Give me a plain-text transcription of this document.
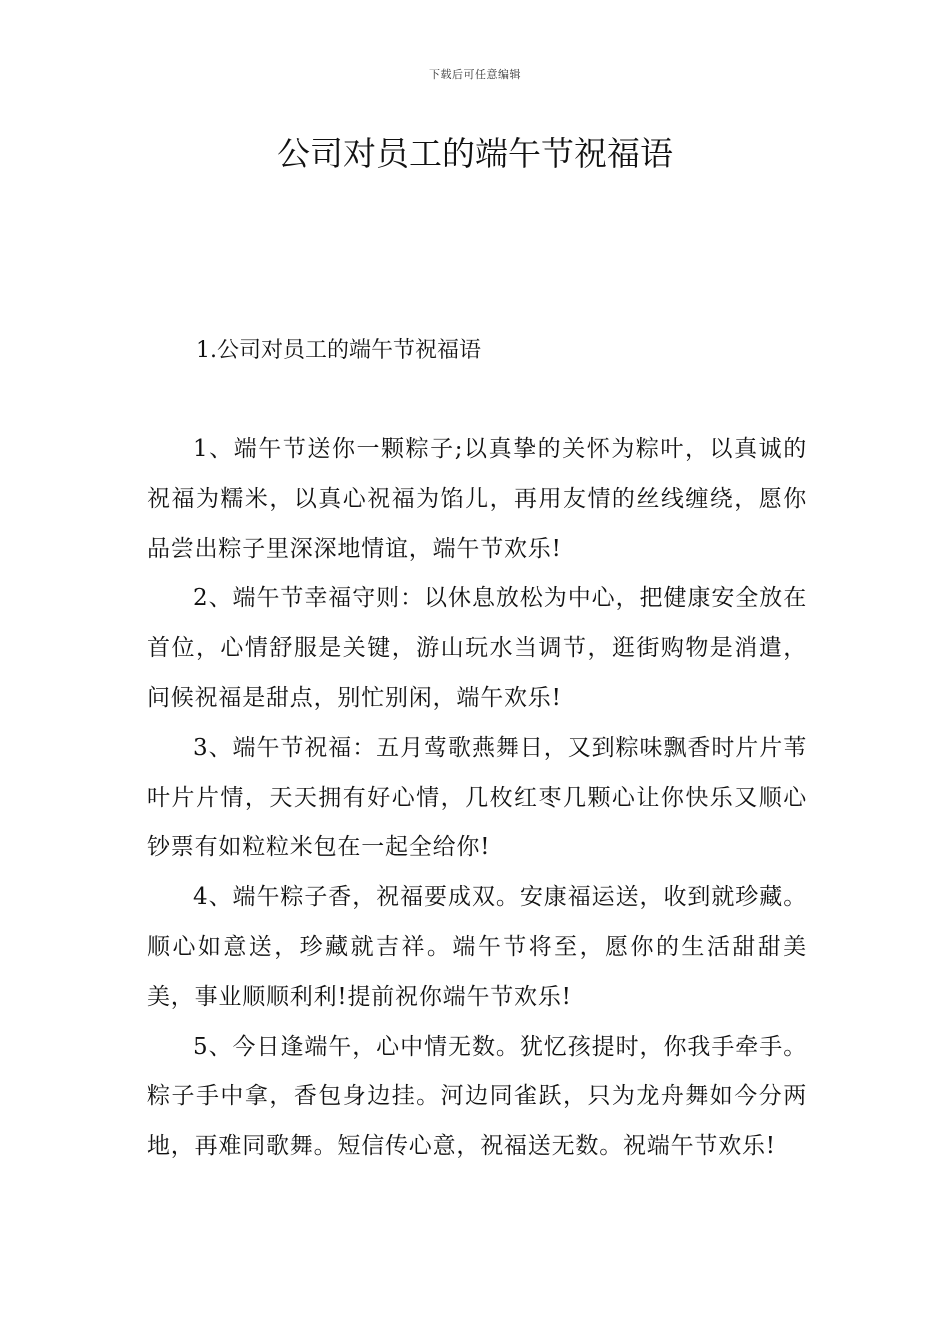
下载后可任意编辑
公司对员工的端午节祝福语
1.公司对员工的端午节祝福语

1、端午节送你一颗粽子;以真挚的关怀为粽叶，以真诚的祝福为糯米，以真心祝福为馅儿，再用友情的丝线缠绕，愿你品尝出粽子里深深地情谊，端午节欢乐!

2、端午节幸福守则：以休息放松为中心，把健康安全放在首位，心情舒服是关键，游山玩水当调节，逛街购物是消遣，问候祝福是甜点，别忙别闲，端午欢乐!

3、端午节祝福：五月莺歌燕舞日，又到粽味飘香时片片苇叶片片情，天天拥有好心情，几枚红枣几颗心让你快乐又顺心钞票有如粒粒米包在一起全给你!

4、端午粽子香，祝福要成双。安康福运送，收到就珍藏。顺心如意送，珍藏就吉祥。端午节将至，愿你的生活甜甜美美，事业顺顺利利!提前祝你端午节欢乐!

5、今日逢端午，心中情无数。犹忆孩提时，你我手牵手。粽子手中拿，香包身边挂。河边同雀跃，只为龙舟舞如今分两地，再难同歌舞。短信传心意，祝福送无数。祝端午节欢乐!
